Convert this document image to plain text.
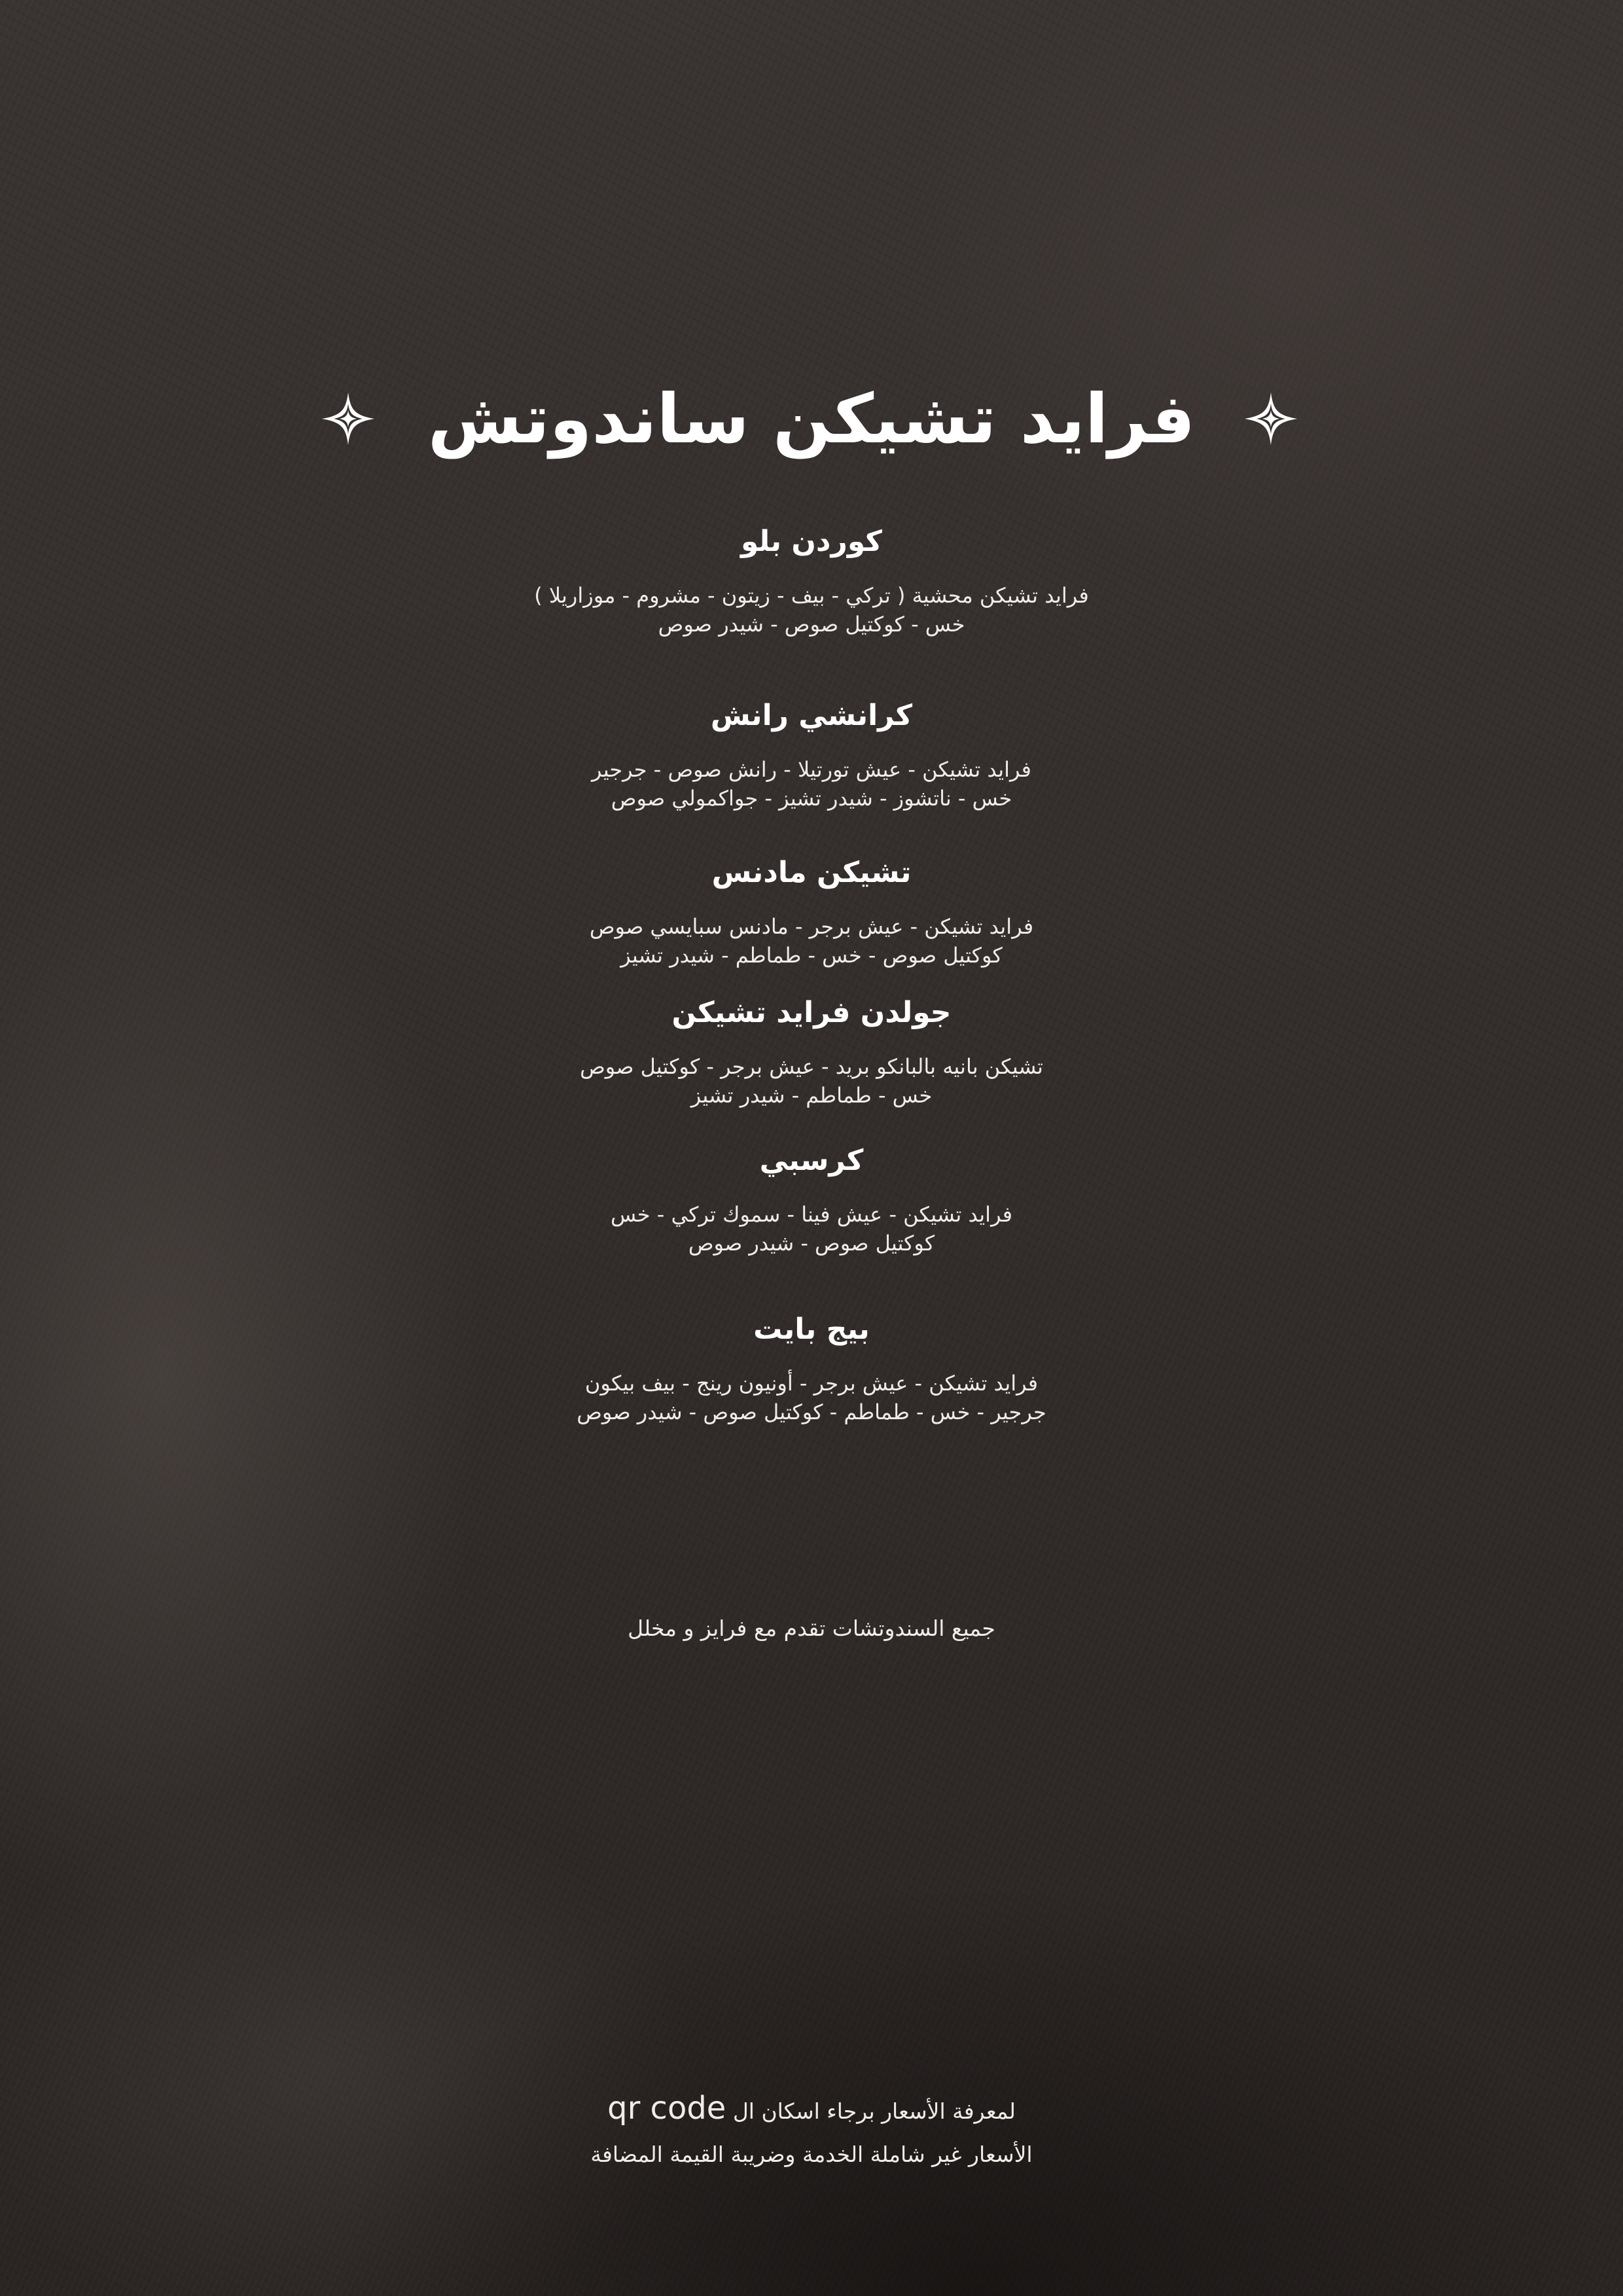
فرايد تشيكن ساندوتش
كوردن بلو
فرايد تشيكن محشية ( تركي - بيف - زيتون - مشروم - موزاريلا )
خس - كوكتيل صوص - شيدر صوص
كرانشي رانش
فرايد تشيكن - عيش تورتيلا - رانش صوص - جرجير
خس - ناتشوز - شيدر تشيز - جواكمولي صوص
تشيكن مادنس
فرايد تشيكن - عيش برجر - مادنس سبايسي صوص
كوكتيل صوص - خس - طماطم - شيدر تشيز
جولدن فرايد تشيكن
تشيكن بانيه بالبانكو بريد - عيش برجر - كوكتيل صوص
خس - طماطم - شيدر تشيز
كرسبي
فرايد تشيكن - عيش فينا - سموك تركي - خس
كوكتيل صوص - شيدر صوص
بيج بايت
فرايد تشيكن - عيش برجر - أونيون رينج - بيف بيكون
جرجير - خس - طماطم - كوكتيل صوص - شيدر صوص
جميع السندوتشات تقدم مع فرايز و مخلل
لمعرفة الأسعار برجاء اسكان ال qr code
الأسعار غير شاملة الخدمة وضريبة القيمة المضافة
